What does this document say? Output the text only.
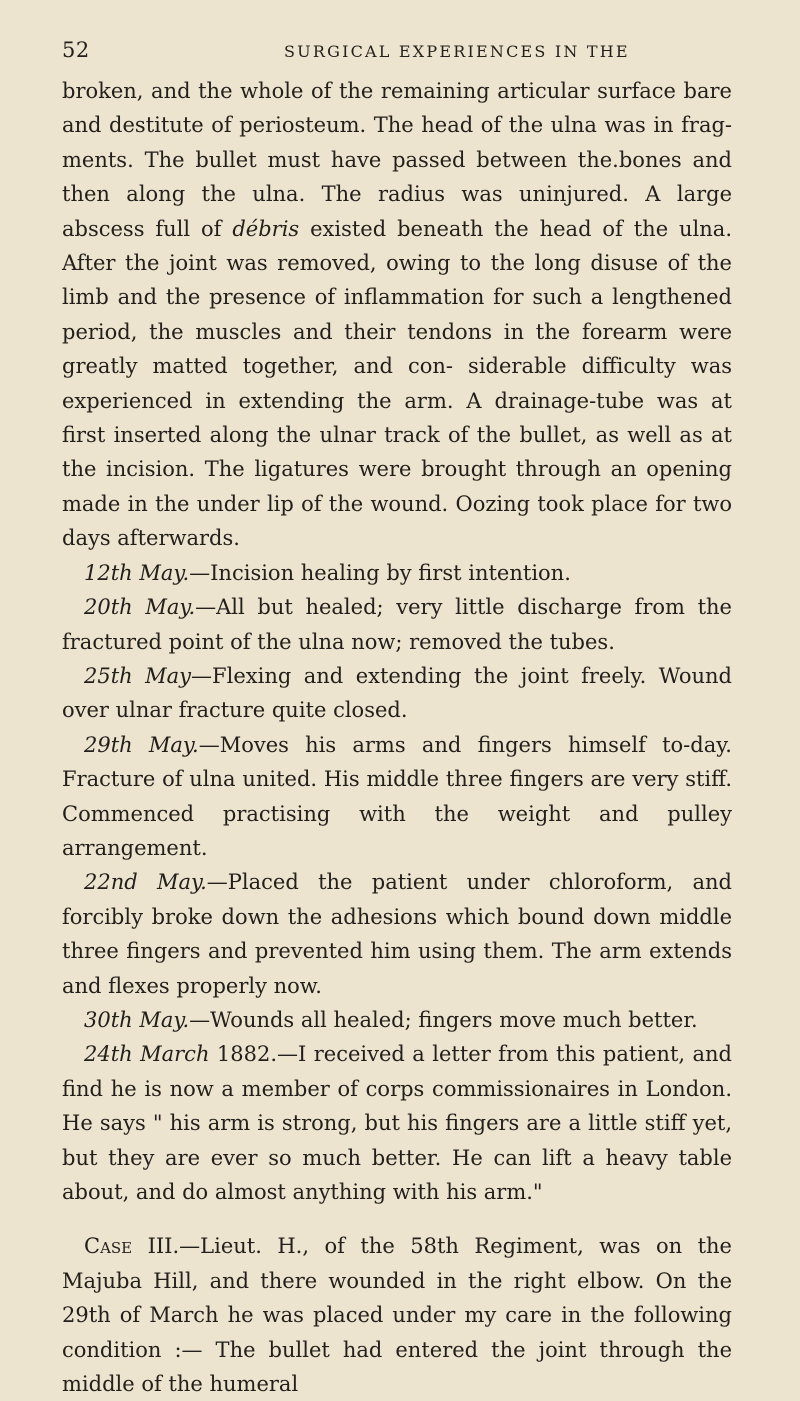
52	SURGICAL EXPERIENCES IN THE

broken, and the whole of the remaining articular surface bare and destitute of periosteum. The head of the ulna was in frag- ments. The bullet must have passed between the.bones and then along the ulna. The radius was uninjured. A large abscess full of débris existed beneath the head of the ulna. After the joint was removed, owing to the long disuse of the limb and the presence of inflammation for such a lengthened period, the muscles and their tendons in the forearm were greatly matted together, and con- siderable difficulty was experienced in extending the arm. A drainage-tube was at first inserted along the ulnar track of the bullet, as well as at the incision. The ligatures were brought through an opening made in the under lip of the wound. Oozing took place for two days afterwards.

12th May.—Incision healing by first intention.

20th May.—All but healed; very little discharge from the fractured point of the ulna now; removed the tubes.

25th May—Flexing and extending the joint freely. Wound over ulnar fracture quite closed.

29th May.—Moves his arms and fingers himself to-day. Fracture of ulna united. His middle three fingers are very stiff. Commenced practising with the weight and pulley arrangement.

22nd May.—Placed the patient under chloroform, and forcibly broke down the adhesions which bound down middle three fingers and prevented him using them. The arm extends and flexes properly now.

30th May.—Wounds all healed; fingers move much better.

24th March 1882.—I received a letter from this patient, and find he is now a member of corps commissionaires in London. He says " his arm is strong, but his fingers are a little stiff yet, but they are ever so much better. He can lift a heavy table about, and do almost anything with his arm."

Case III.—Lieut. H., of the 58th Regiment, was on the Majuba Hill, and there wounded in the right elbow. On the 29th of March he was placed under my care in the following condition :— The bullet had entered the joint through the middle of the humeral
